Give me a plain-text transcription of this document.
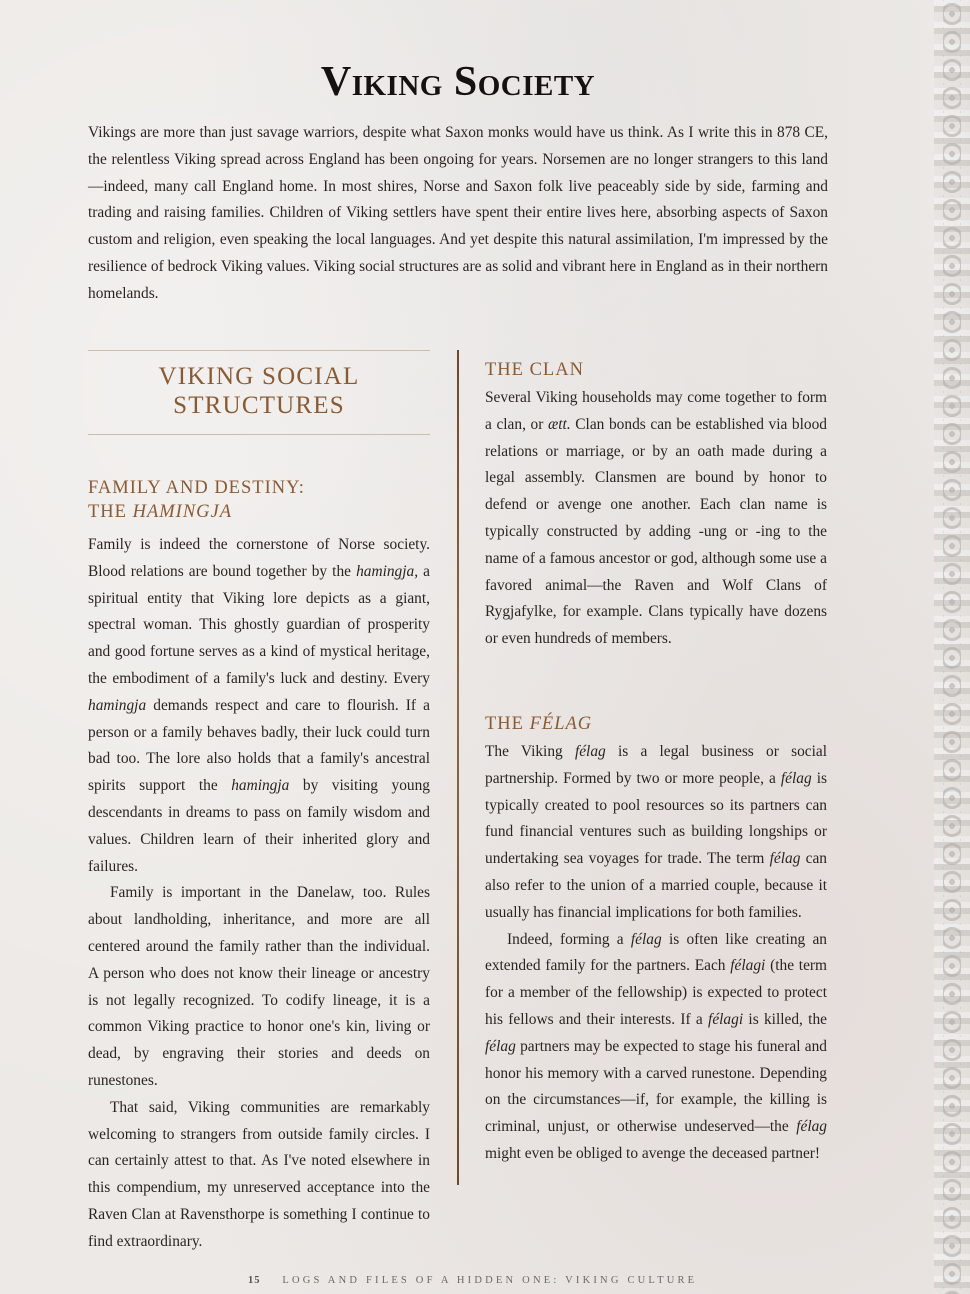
Viking Society

Vikings are more than just savage warriors, despite what Saxon monks would have us think. As I write this in 878 CE, the relentless Viking spread across England has been ongoing for years. Norsemen are no longer strangers to this land—indeed, many call England home. In most shires, Norse and Saxon folk live peaceably side by side, farming and trading and raising families. Children of Viking settlers have spent their entire lives here, absorbing aspects of Saxon custom and religion, even speaking the local languages. And yet despite this natural assimilation, I'm impressed by the resilience of bedrock Viking values. Viking social structures are as solid and vibrant here in England as in their northern homelands.

VIKING SOCIAL
STRUCTURES
FAMILY AND DESTINY:
THE HAMINGJA

Family is indeed the cornerstone of Norse society. Blood relations are bound together by the hamingja, a spiritual entity that Viking lore depicts as a giant, spectral woman. This ghostly guardian of prosperity and good fortune serves as a kind of mystical heritage, the embodiment of a family's luck and destiny. Every hamingja demands respect and care to flourish. If a person or a family behaves badly, their luck could turn bad too. The lore also holds that a family's ancestral spirits support the hamingja by visiting young descendants in dreams to pass on family wisdom and values. Children learn of their inherited glory and failures.

Family is important in the Danelaw, too. Rules about landholding, inheritance, and more are all centered around the family rather than the individual. A person who does not know their lineage or ancestry is not legally recognized. To codify lineage, it is a common Viking practice to honor one's kin, living or dead, by engraving their stories and deeds on runestones.

That said, Viking communities are remarkably welcoming to strangers from outside family circles. I can certainly attest to that. As I've noted elsewhere in this compendium, my unreserved acceptance into the Raven Clan at Ravensthorpe is something I continue to find extraordinary.

THE CLAN

Several Viking households may come together to form a clan, or ætt. Clan bonds can be established via blood relations or marriage, or by an oath made during a legal assembly. Clansmen are bound by honor to defend or avenge one another. Each clan name is typically constructed by adding -ung or -ing to the name of a famous ancestor or god, although some use a favored animal—the Raven and Wolf Clans of Rygjafylke, for example. Clans typically have dozens or even hundreds of members.

THE FÉLAG

The Viking félag is a legal business or social partnership. Formed by two or more people, a félag is typically created to pool resources so its partners can fund financial ventures such as building longships or undertaking sea voyages for trade. The term félag can also refer to the union of a married couple, because it usually has financial implications for both families.

Indeed, forming a félag is often like creating an extended family for the partners. Each félagi (the term for a member of the fellowship) is expected to protect his fellows and their interests. If a félagi is killed, the félag partners may be expected to stage his funeral and honor his memory with a carved runestone. Depending on the circumstances—if, for example, the killing is criminal, unjust, or otherwise undeserved—the félag might even be obliged to avenge the deceased partner!

15 LOGS AND FILES OF A HIDDEN ONE: VIKING CULTURE
